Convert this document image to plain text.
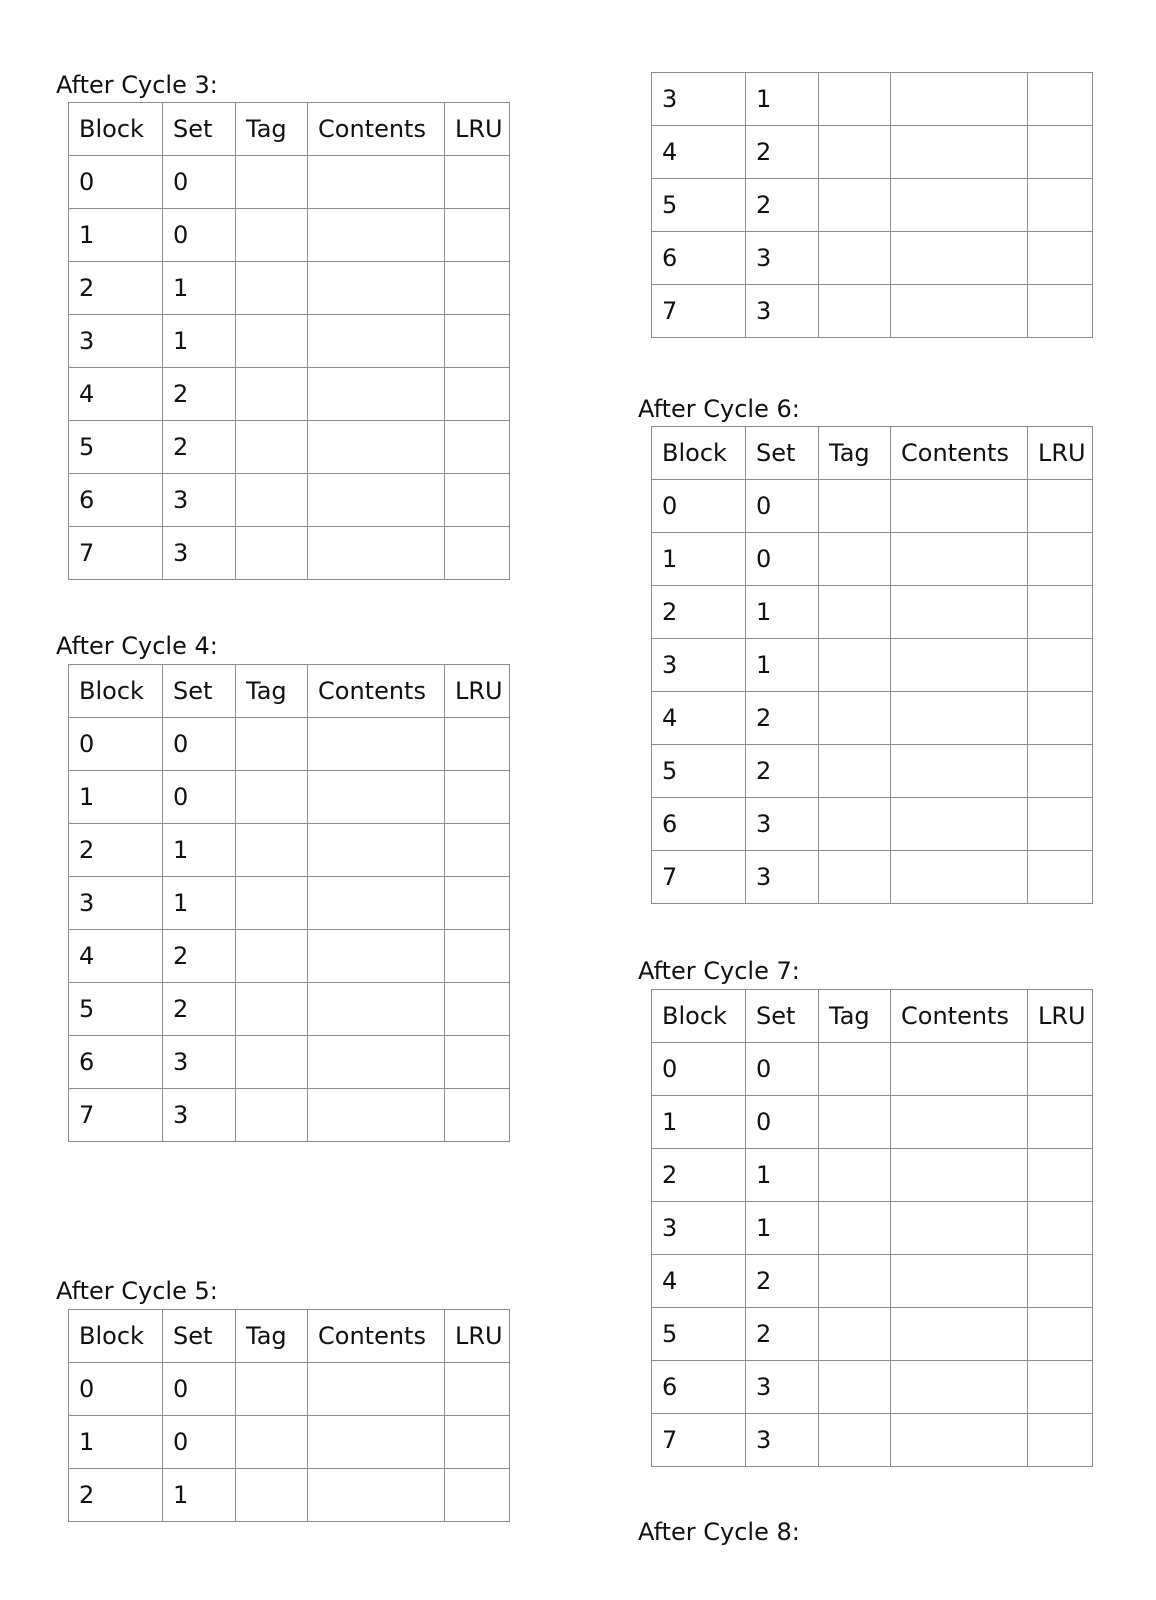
After Cycle 3:
After Cycle 4:
After Cycle 5:
After Cycle 6:
After Cycle 7:
After Cycle 8:
Block	Set	Tag	Contents	LRU
0	0			
1	0			
2	1			
3	1			
4	2			
5	2			
6	3			
7	3			
Block	Set	Tag	Contents	LRU
0	0			
1	0			
2	1			
3	1			
4	2			
5	2			
6	3			
7	3			
Block	Set	Tag	Contents	LRU
0	0			
1	0			
2	1			
3	1			
4	2			
5	2			
6	3			
7	3			
Block	Set	Tag	Contents	LRU
0	0			
1	0			
2	1			
3	1			
4	2			
5	2			
6	3			
7	3			
Block	Set	Tag	Contents	LRU
0	0			
1	0			
2	1			
3	1			
4	2			
5	2			
6	3			
7	3			
